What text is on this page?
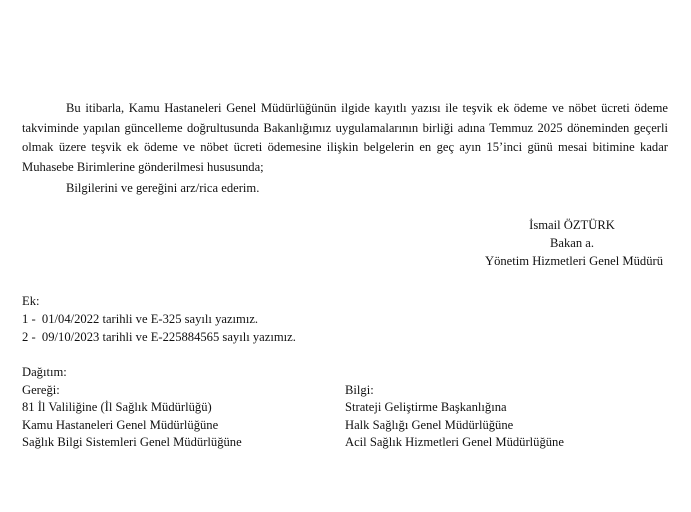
Bu itibarla, Kamu Hastaneleri Genel Müdürlüğünün ilgide kayıtlı yazısı ile teşvik ek ödeme ve nöbet ücreti ödeme takviminde yapılan güncelleme doğrultusunda Bakanlığımız uygulamalarının birliği adına Temmuz 2025 döneminden geçerli olmak üzere teşvik ek ödeme ve nöbet ücreti ödemesine ilişkin belgelerin en geç ayın 15’inci günü mesai bitimine kadar Muhasebe Birimlerine gönderilmesi hususunda;

Bilgilerini ve gereğini arz/rica ederim.

İsmail ÖZTÜRK
Bakan a.
Yönetim Hizmetleri Genel Müdürü
Ek:
1 -  01/04/2022 tarihli ve E-325 sayılı yazımız.
2 -  09/10/2023 tarihli ve E-225884565 sayılı yazımız.
Dağıtım:
Gereği:
81 İl Valiliğine (İl Sağlık Müdürlüğü)
Kamu Hastaneleri Genel Müdürlüğüne
Sağlık Bilgi Sistemleri Genel Müdürlüğüne
Bilgi:
Strateji Geliştirme Başkanlığına
Halk Sağlığı Genel Müdürlüğüne
Acil Sağlık Hizmetleri Genel Müdürlüğüne
